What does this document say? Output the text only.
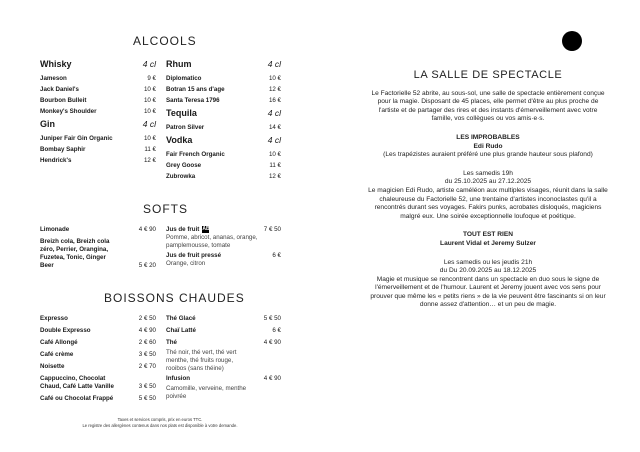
ALCOOLS
Whisky	4 cl
Jameson	9 €
Jack Daniel's	10 €
Bourbon Bulleit	10 €
Monkey's Shoulder	10 €
Gin	4 cl
Juniper Fair Gin Organic	10 €
Bombay Saphir	11 €
Hendrick's	12 €
Rhum	4 cl
Diplomatico	10 €
Botran 15 ans d'age	12 €
Santa Teresa 1796	16 €
Tequila	4 cl
Patron Silver	14 €
Vodka	4 cl
Fair French Organic	10 €
Grey Goose	11 €
Zubrowka	12 €
SOFTS
Limonade	4 € 90
Breizh cola, Breizh cola
zéro, Perrier, Orangina,
Fuzetea, Tonic, Ginger
Beer	5 € 20
Jus de fruit AB	7 € 50
Pomme, abricot, ananas, orange,
pamplemousse, tomate
Jus de fruit pressé	6 €
Orange, citron
BOISSONS CHAUDES
Expresso	2 € 50
Double Expresso	4 € 90
Café Allongé	2 € 60
Café crème	3 € 50
Noisette	2 € 70
Cappuccino, Chocolat
Chaud, Café Latte Vanille	3 € 50
Café ou Chocolat Frappé	5 € 50
Thé Glacé	5 € 50
Chaï Latté	6 €
Thé	4 € 90
Thé noir, thé vert, thé vert
menthe, thé fruits rouge,
rooibos (sans théine)
Infusion	4 € 90
Camomille, verveine, menthe
poivrée
Taxes et services compris, prix en euros TTC.
Le registre des allergènes contenus dans nos plats est disponible à votre demande.
LA SALLE DE SPECTACLE
Le Factorielle 52 abrite, au sous-sol, une salle de spectacle entièrement conçue pour la magie. Disposant de 45 places, elle permet d'être au plus proche de l'artiste et de partager des rires et des instants d'émerveillement avec votre famille, vos collègues ou vos amis·e·s.
LES IMPROBABLES
Edi Rudo
(Les trapézistes auraient préféré une plus grande hauteur sous plafond)
Les samedis 19h
du 25.10.2025 au 27.12.2025
Le magicien Edi Rudo, artiste caméléon aux multiples visages, réunit dans la salle chaleureuse du Factorielle 52, une trentaine d'artistes inconoclastes qu'il a rencontrés durant ses voyages. Fakirs punks, acrobates disloqués, magiciens malgré eux. Une soirée exceptionnelle loufoque et poétique.
TOUT EST RIEN
Laurent Vidal et Jeremy Sulzer
Les samedis ou les jeudis 21h
du Du 20.09.2025 au 18.12.2025
Magie et musique se rencontrent dans un spectacle en duo sous le signe de l'émerveillement et de l'humour. Laurent et Jeremy jouent avec vos sens pour prouver que même les « petits riens » de la vie peuvent être fascinants si on leur donne assez d'attention… et un peu de magie.
